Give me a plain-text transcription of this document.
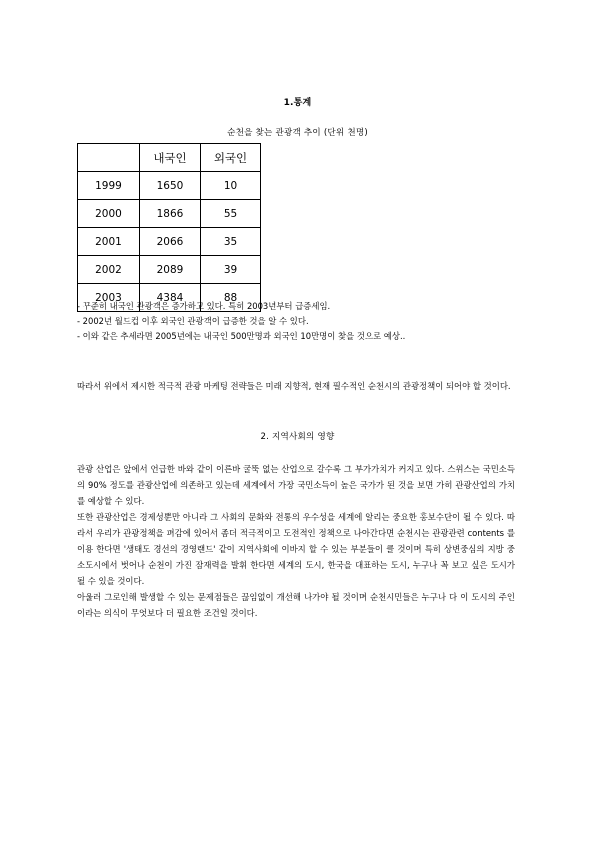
1.통계
순천을 찾는 관광객 추이 (단위 천명)
	내국인	외국인
1999	1650	10
2000	1866	55
2001	2066	35
2002	2089	39
2003	4384	88

- 꾸준히 내국인 관광객은 증가하고 있다. 특히 2003년부터 급증세임.

- 2002년 월드컵 이후 외국인 관광객이 급증한 것을 알 수 있다.

- 이와 같은 추세라면 2005년에는 내국인 500만명과 외국인 10만명이 찾을 것으로 예상..

따라서 위에서 제시한 적극적 관광 마케팅 전략들은 미래 지향적, 현재 필수적인 순천시의 관광정책이 되어야 할 것이다.

2. 지역사회의 영향

관광 산업은 앞에서 언급한 바와 같이 이른바 굴뚝 없는 산업으로 갈수록 그 부가가치가 커지고 있다. 스위스는 국민소득의 90% 정도를 관광산업에 의존하고 있는데 세계에서 가장 국민소득이 높은 국가가 된 것을 보면 가히 관광산업의 가치를 예상할 수 있다.

또한 관광산업은 경제성뿐만 아니라 그 사회의 문화와 전통의 우수성을 세계에 알리는 중요한 홍보수단이 될 수 있다. 따라서 우리가 관광정책을 펴감에 있어서 좀더 적극적이고 도전적인 정책으로 나아간다면 순천시는 관광관련 contents 를 이용 한다면 '생태도 경선의 경영랜드' 같이 지역사회에 이바지 할 수 있는 부분들이 클 것이며 특히 상변중심의 지방 중소도시에서 벗어나 순천이 가진 잠재력을 발휘 한다면 세계의 도시, 한국을 대표하는 도시, 누구나 꼭 보고 싶은 도시가 될 수 있을 것이다.

아울러 그로인해 발생할 수 있는 문제점들은 끊임없이 개선해 나가야 될 것이며 순천시민들은 누구나 다 이 도시의 주인이라는 의식이 무엇보다 더 필요한 조건일 것이다.
